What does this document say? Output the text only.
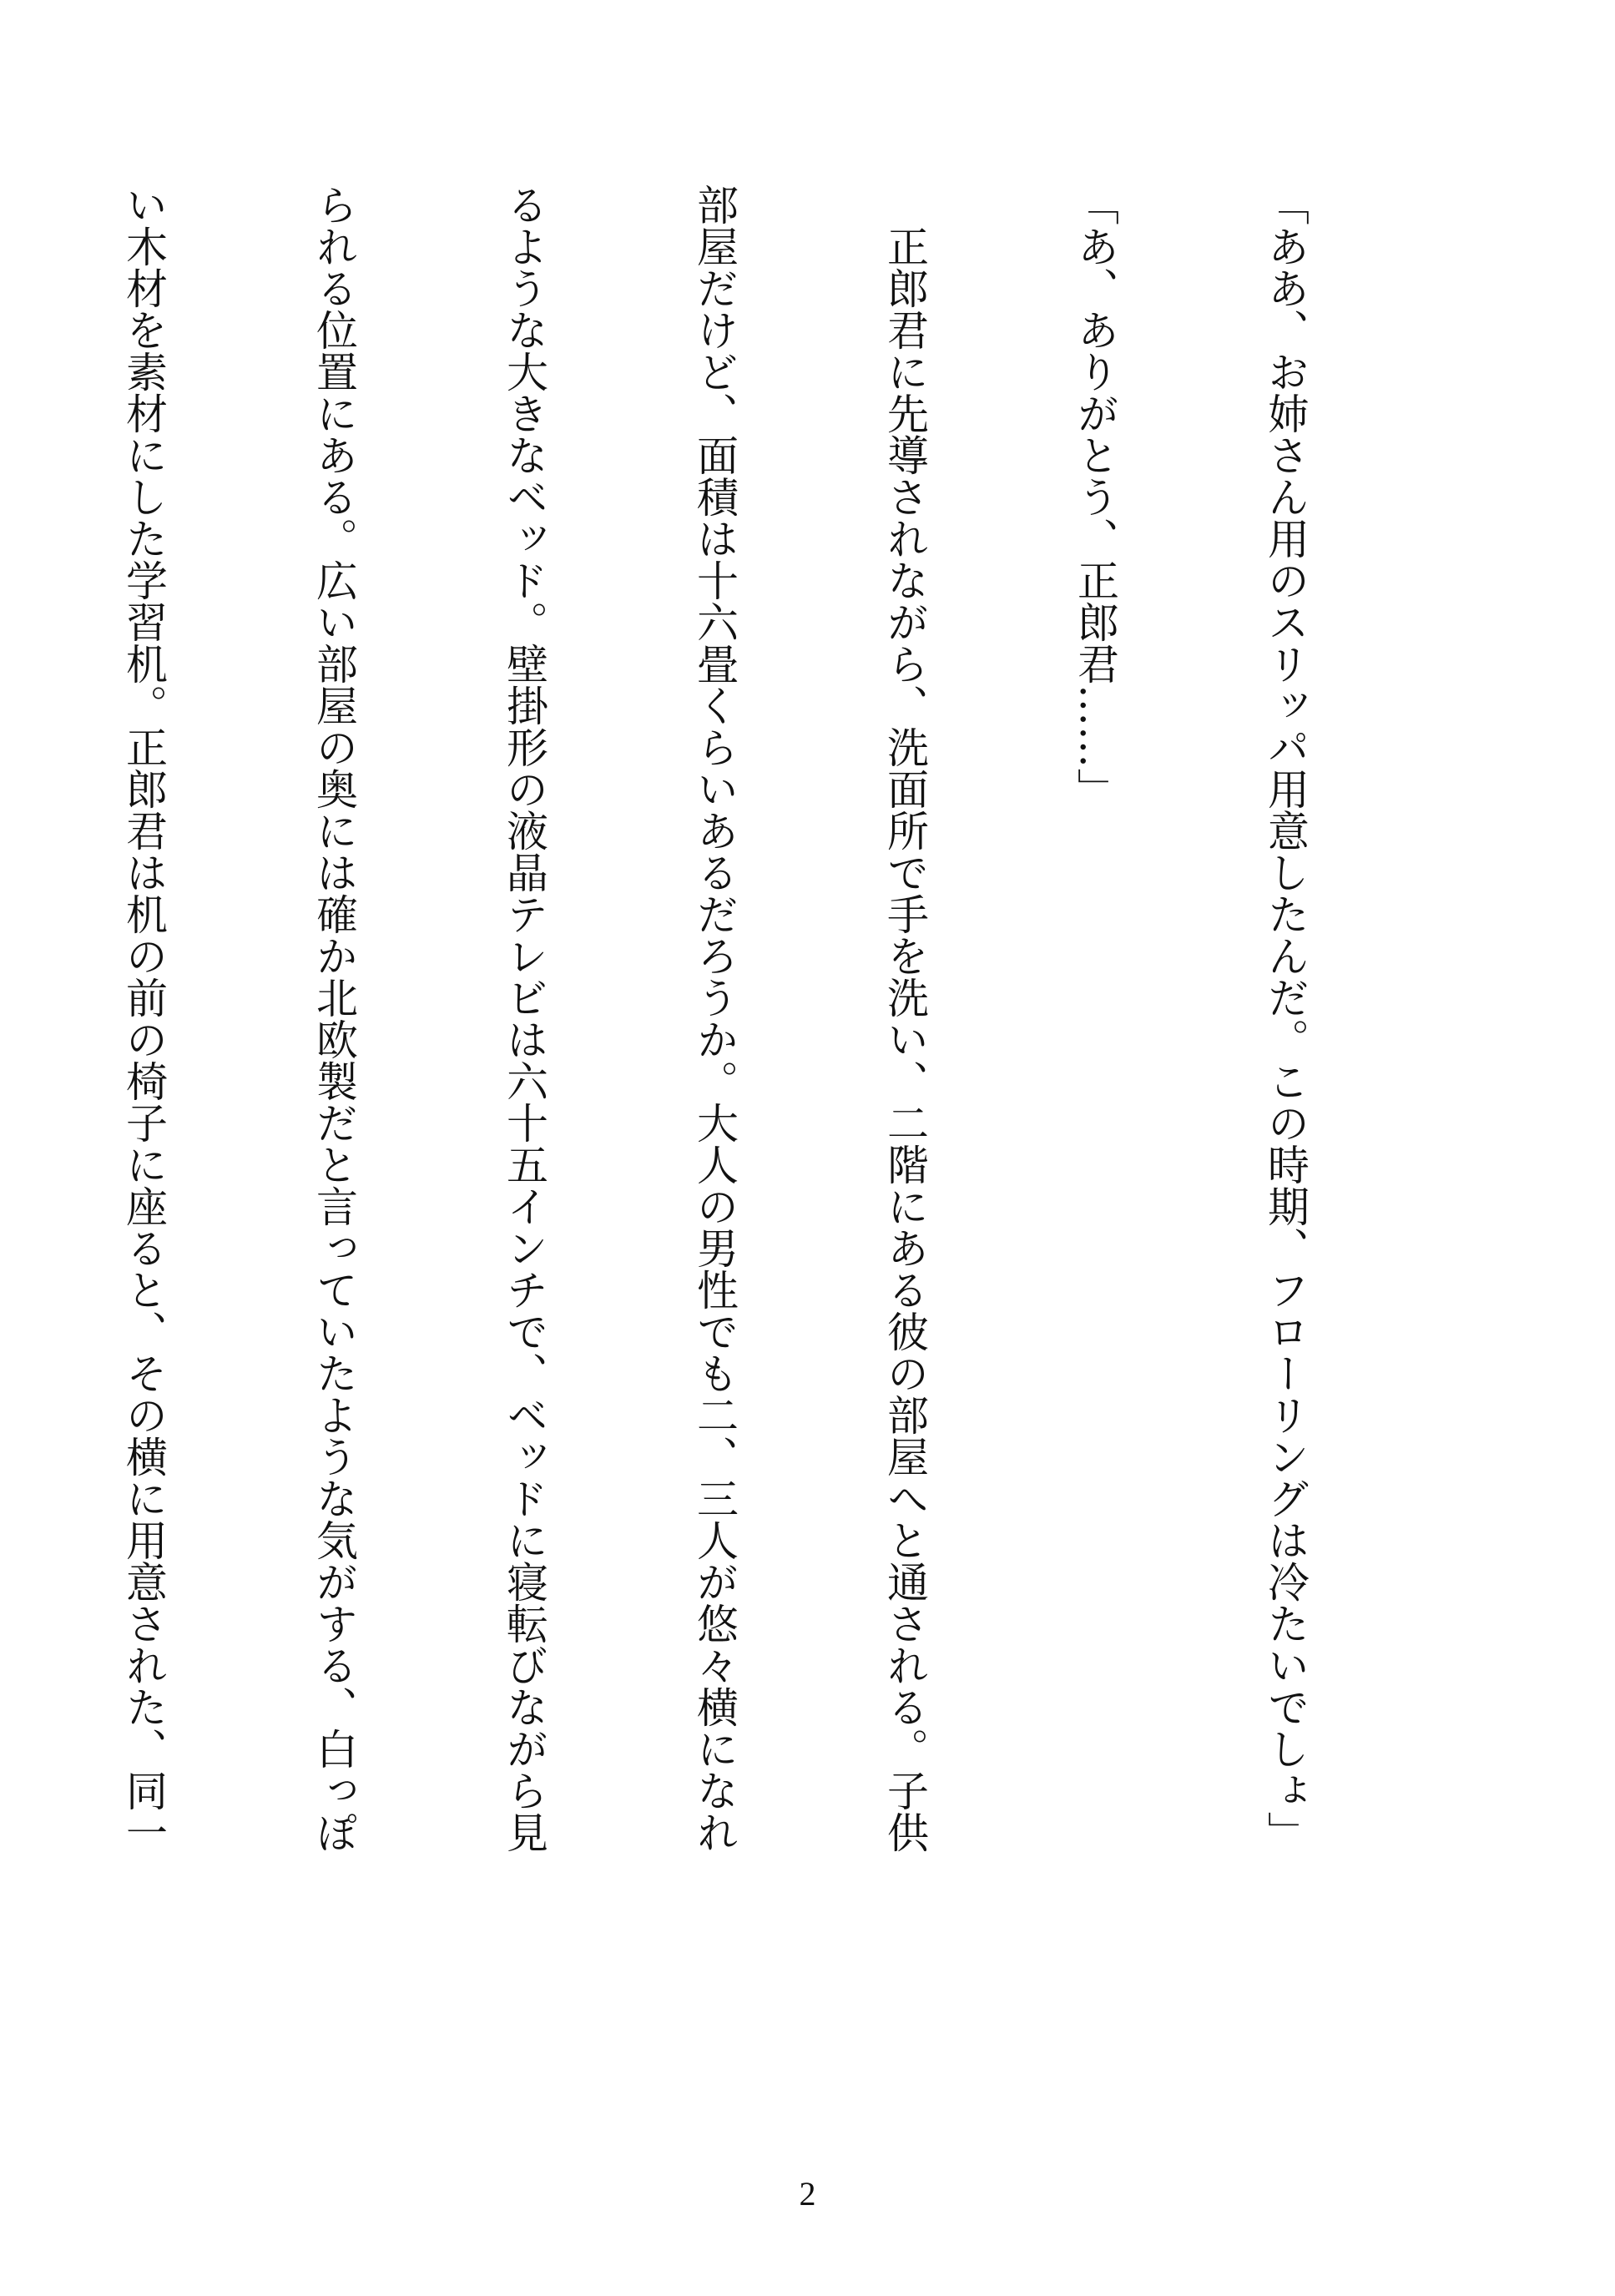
「ああ、お姉さん用のスリッパ用意したんだ。この時期、フローリングは冷たいでしょ」

「あ、ありがとう、正郎君……」

　正郎君に先導されながら、洗面所で手を洗い、二階にある彼の部屋へと通される。子供

部屋だけど、面積は十六畳くらいあるだろうか。大人の男性でも二、三人が悠々横になれ

るような大きなベッド。壁掛形の液晶テレビは六十五インチで、ベッドに寝転びながら見

られる位置にある。広い部屋の奥には確か北欧製だと言っていたような気がする、白っぽ

い木材を素材にした学習机。正郎君は机の前の椅子に座ると、その横に用意された、同一

2
